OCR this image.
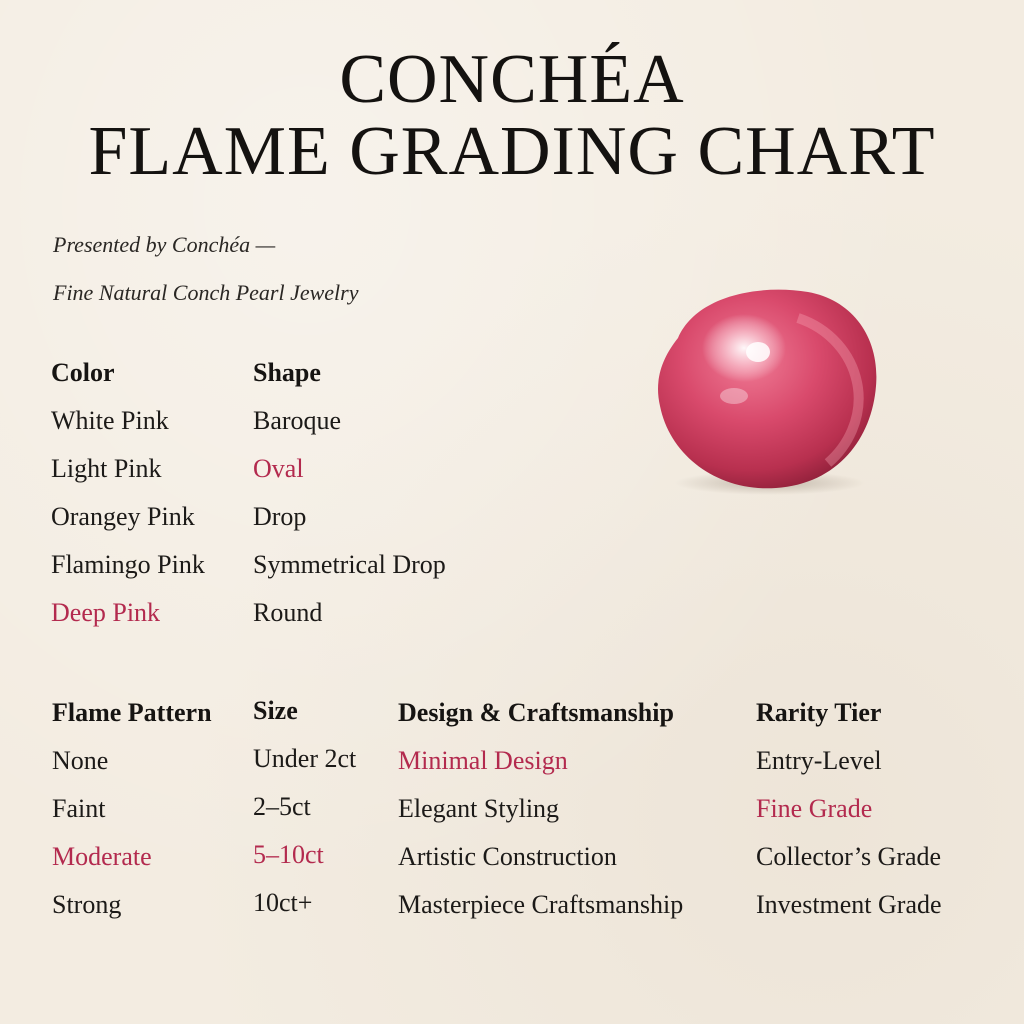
CONCHÉA
FLAME GRADING CHART
Presented by Conchéa —
Fine Natural Conch Pearl Jewelry
Color
White Pink
Light Pink
Orangey Pink
Flamingo Pink
Deep Pink
Shape
Baroque
Oval
Drop
Symmetrical Drop
Round
Flame Pattern
None
Faint
Moderate
Strong
Size
Under 2ct
2–5ct
5–10ct
10ct+
Design & Craftsmanship
Minimal Design
Elegant Styling
Artistic Construction
Masterpiece Craftsmanship
Rarity Tier
Entry-Level
Fine Grade
Collector’s Grade
Investment Grade
